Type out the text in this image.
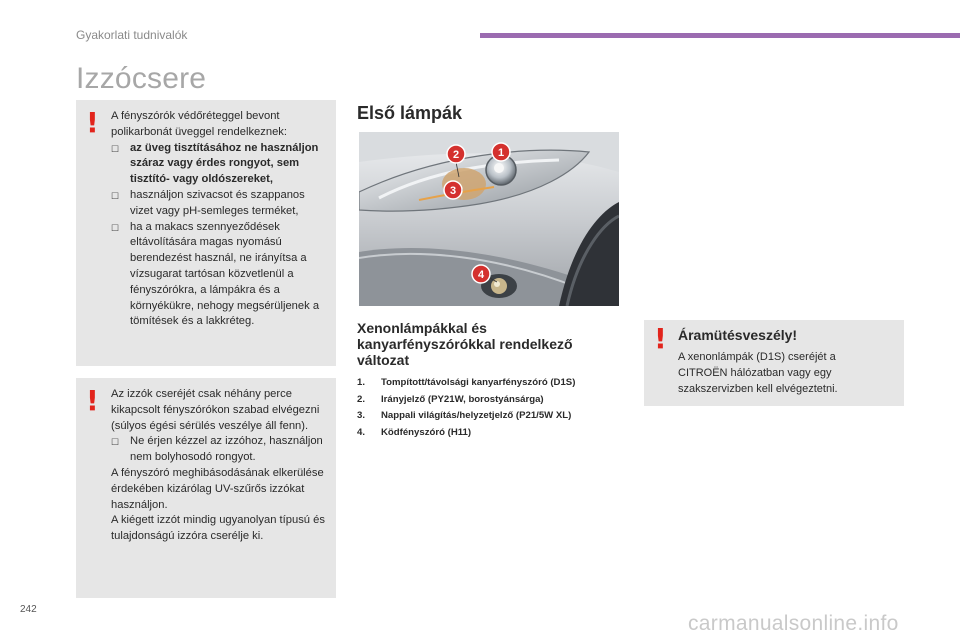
Gyakorlati tudnivalók
Izzócsere
! A fényszórók védőréteggel bevont polikarbonát üveggel rendelkeznek:

☐ az üveg tisztításához ne használjon száraz vagy érdes rongyot, sem tisztító- vagy oldószereket,
☐ használjon szivacsot és szappanos vizet vagy pH-semleges terméket,
☐ ha a makacs szennyeződések eltávolítására magas nyomású berendezést használ, ne irányítsa a vízsugarat tartósan közvetlenül a fényszórókra, a lámpákra és a környékükre, nehogy megsérüljenek a tömítések és a lakkréteg.
! Az izzók cseréjét csak néhány perce kikapcsolt fényszórókon szabad elvégezni (súlyos égési sérülés veszélye áll fenn).

☐ Ne érjen kézzel az izzóhoz, használjon nem bolyhosodó rongyot.

A fényszóró meghibásodásának elkerülése érdekében kizárólag UV-szűrős izzókat használjon.

A kiégett izzót mindig ugyanolyan típusú és tulajdonságú izzóra cserélje ki.

Első lámpák
1
2
3
4
Xenonlámpákkal és kanyarfényszórókkal rendelkező változat
1.	Tompított/távolsági kanyarfényszóró (D1S)
2.	Irányjelző (PY21W, borostyánsárga)
3.	Nappali világítás/helyzetjelző (P21/5W XL)
4.	Ködfényszóró (H11)
! Áramütésveszély!
A xenonlámpák (D1S) cseréjét a CITROËN hálózatban vagy egy szakszervizben kell elvégeztetni.
242
carmanualsonline.info
